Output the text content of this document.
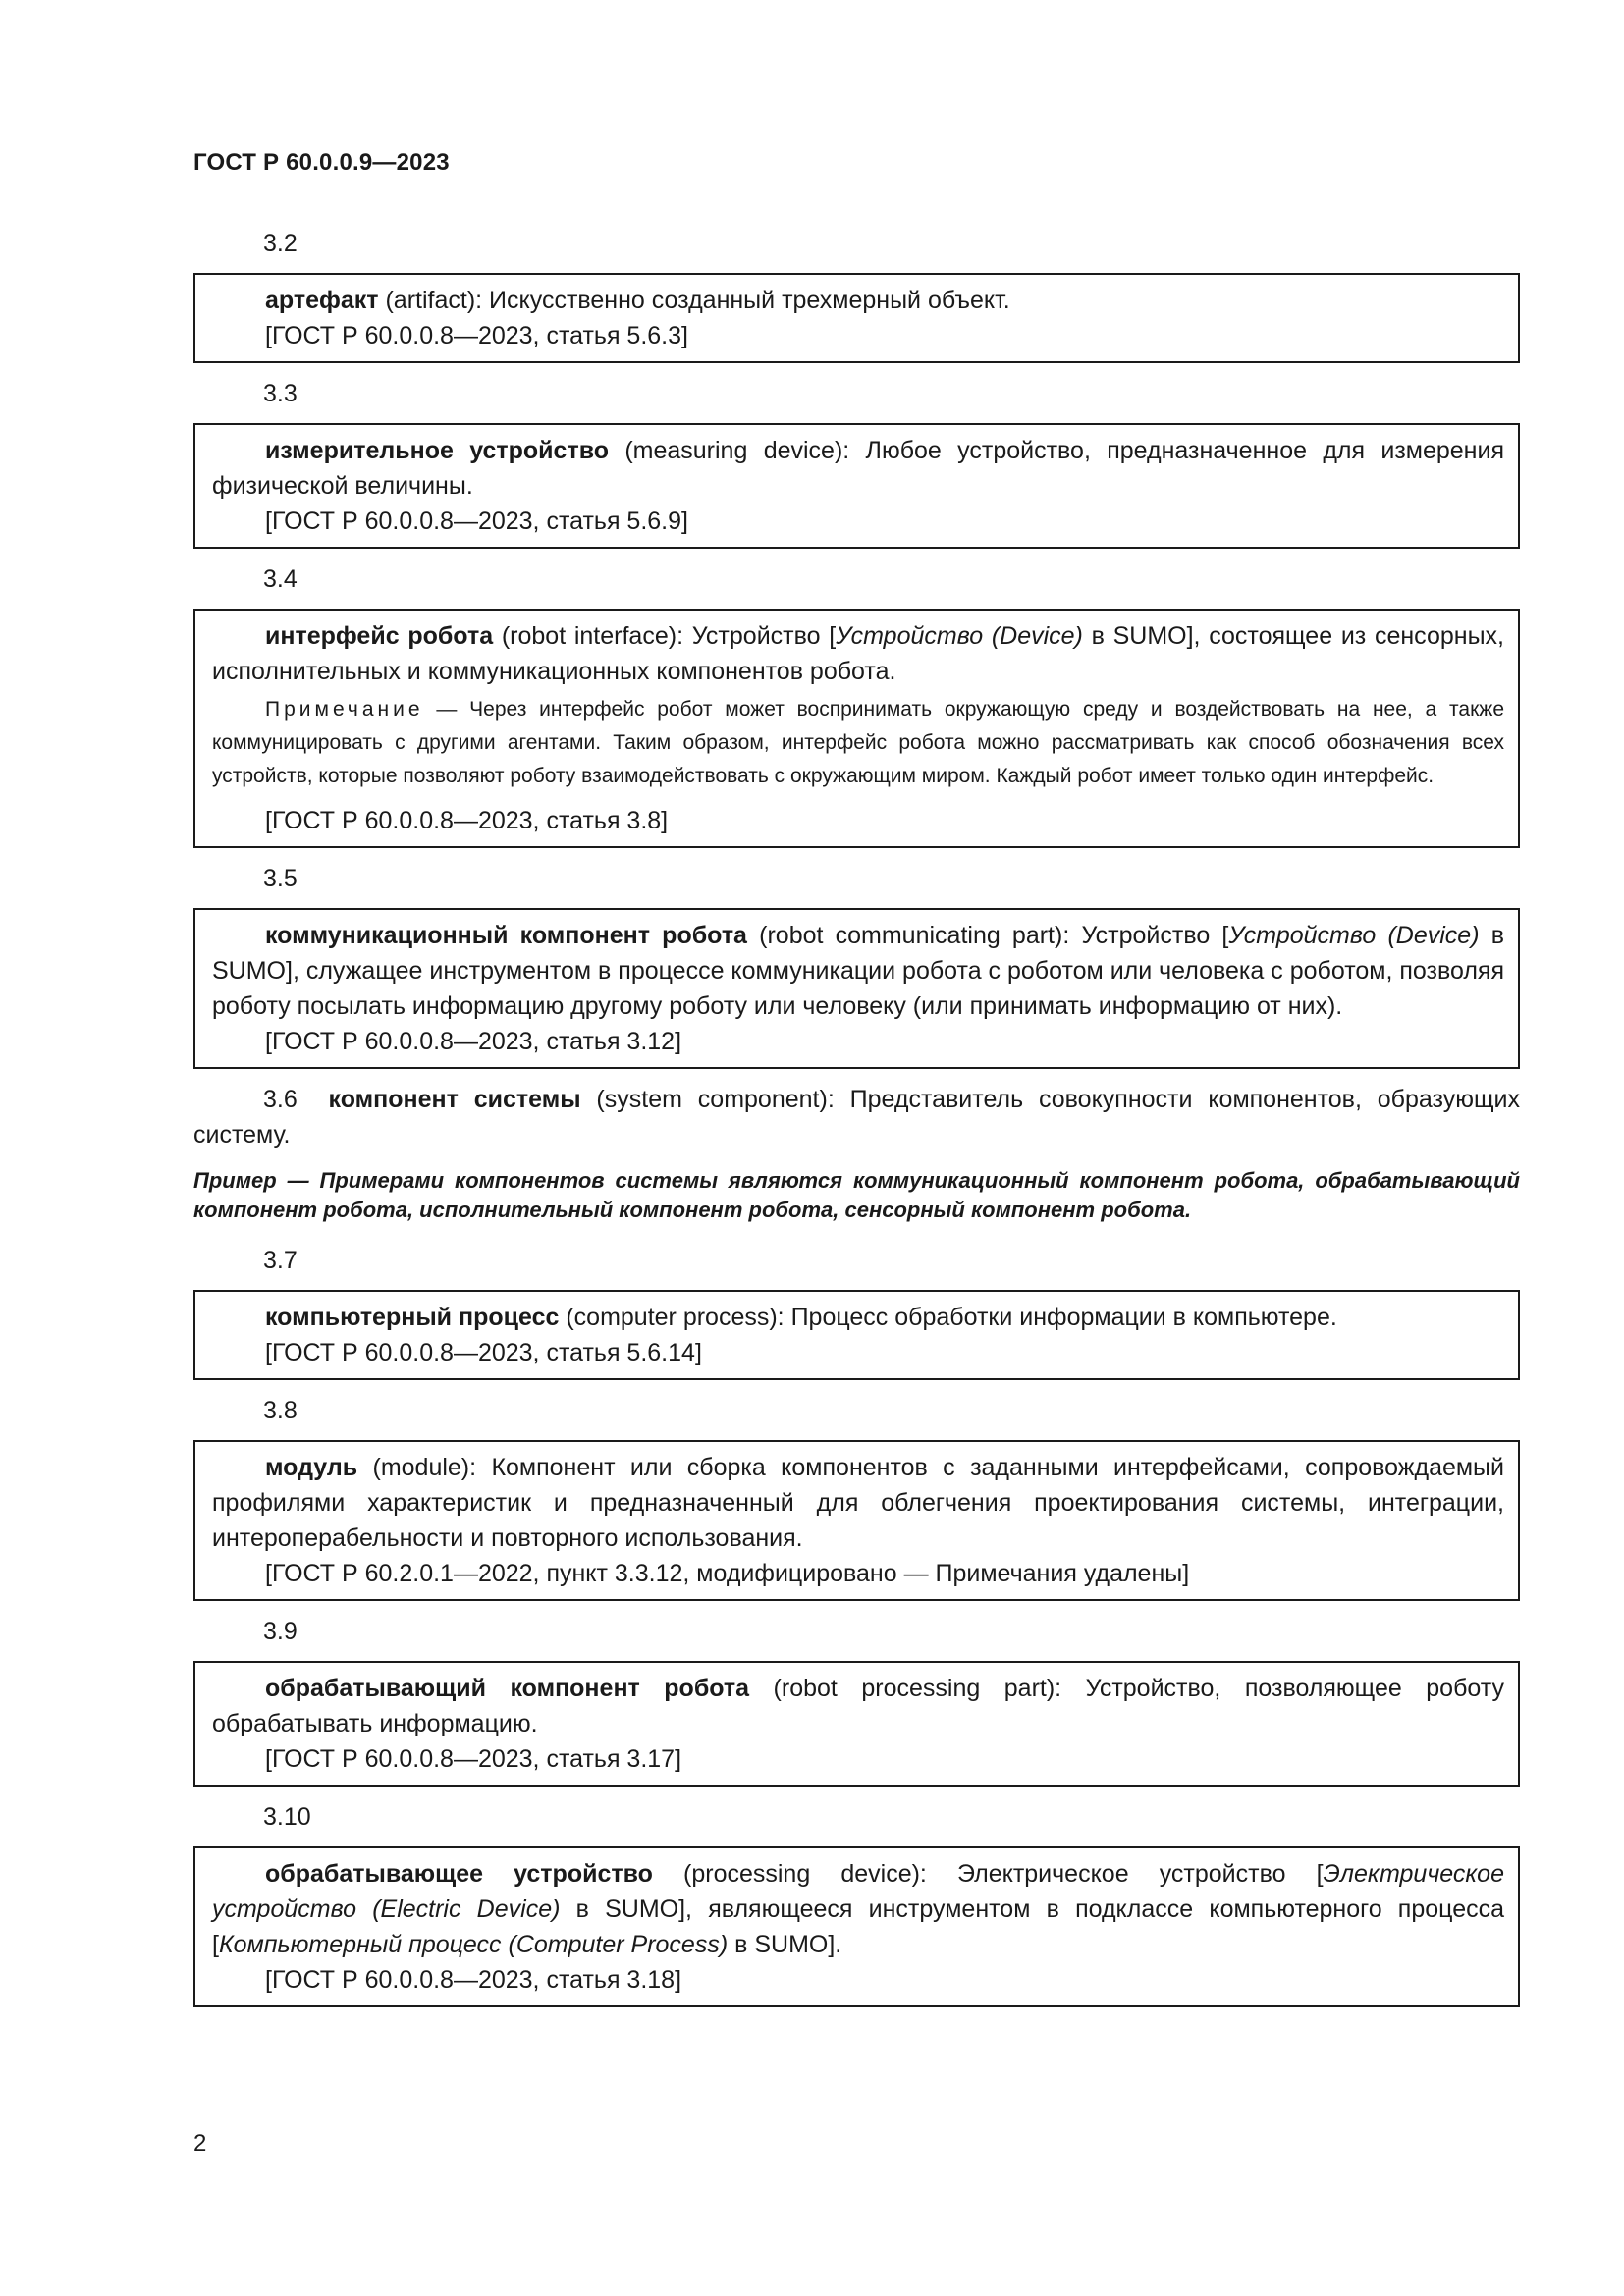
ГОСТ Р 60.0.0.9—2023
3.2

артефакт (artifact): Искусственно созданный трехмерный объект.

[ГОСТ Р 60.0.0.8—2023, статья 5.6.3]

3.3

измерительное устройство (measuring device): Любое устройство, предназначенное для измерения физической величины.

[ГОСТ Р 60.0.0.8—2023, статья 5.6.9]

3.4

интерфейс робота (robot interface): Устройство [Устройство (Device) в SUMO], состоящее из сенсорных, исполнительных и коммуникационных компонентов робота.

Примечание — Через интерфейс робот может воспринимать окружающую среду и воздействовать на нее, а также коммуницировать с другими агентами. Таким образом, интерфейс робота можно рассматривать как способ обозначения всех устройств, которые позволяют роботу взаимодействовать с окружающим миром. Каждый робот имеет только один интерфейс.

[ГОСТ Р 60.0.0.8—2023, статья 3.8]

3.5

коммуникационный компонент робота (robot communicating part): Устройство [Устройство (Device) в SUMO], служащее инструментом в процессе коммуникации робота с роботом или человека с роботом, позволяя роботу посылать информацию другому роботу или человеку (или принимать информацию от них).

[ГОСТ Р 60.0.0.8—2023, статья 3.12]

3.6 компонент системы (system component): Представитель совокупности компонентов, образующих систему.

Пример — Примерами компонентов системы являются коммуникационный компонент робота, обрабатывающий компонент робота, исполнительный компонент робота, сенсорный компонент робота.

3.7

компьютерный процесс (computer process): Процесс обработки информации в компьютере.

[ГОСТ Р 60.0.0.8—2023, статья 5.6.14]

3.8

модуль (module): Компонент или сборка компонентов с заданными интерфейсами, сопровождаемый профилями характеристик и предназначенный для облегчения проектирования системы, интеграции, интероперабельности и повторного использования.

[ГОСТ Р 60.2.0.1—2022, пункт 3.3.12, модифицировано — Примечания удалены]

3.9

обрабатывающий компонент робота (robot processing part): Устройство, позволяющее роботу обрабатывать информацию.

[ГОСТ Р 60.0.0.8—2023, статья 3.17]

3.10

обрабатывающее устройство (processing device): Электрическое устройство [Электрическое устройство (Electric Device) в SUMO], являющееся инструментом в подклассе компьютерного процесса [Компьютерный процесс (Computer Process) в SUMO].

[ГОСТ Р 60.0.0.8—2023, статья 3.18]

2
